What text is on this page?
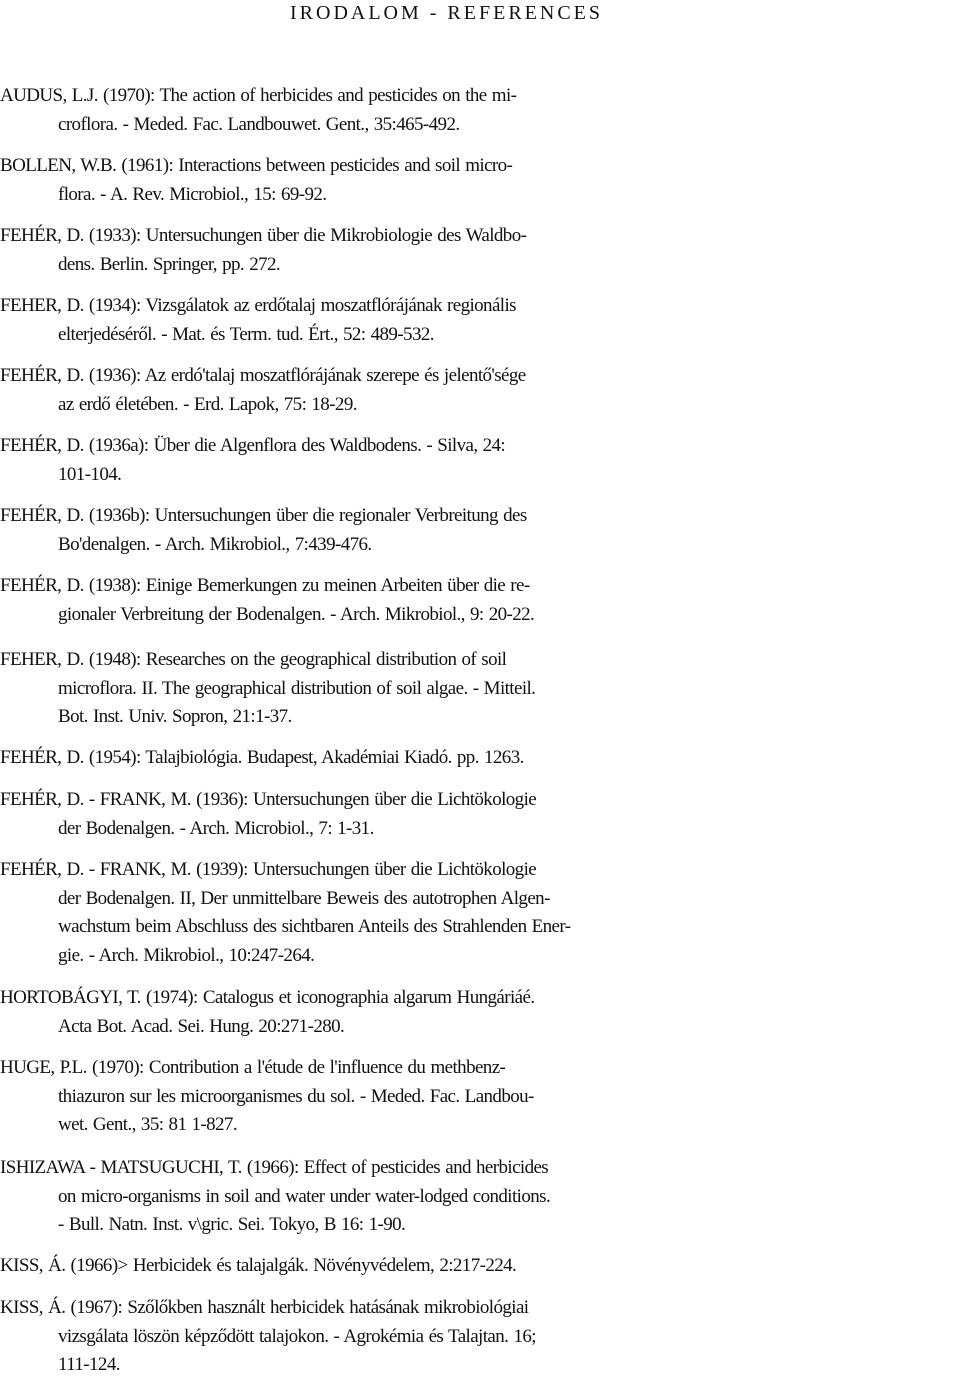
IRODALOM - REFERENCES
AUDUS, L.J. (1970): The action of herbicides and pesticides on the mi-
croflora. - Meded. Fac. Landbouwet. Gent., 35:465-492.
BOLLEN, W.B. (1961): Interactions between pesticides and soil micro-
flora. - A. Rev. Microbiol., 15: 69-92.
FEHÉR, D. (1933): Untersuchungen über die Mikrobiologie des Waldbo-
dens. Berlin. Springer, pp. 272.
FEHER, D. (1934): Vizsgálatok az erdőtalaj moszatflórájának regionális
elterjedéséről. - Mat. és Term. tud. Ért., 52: 489-532.
FEHÉR, D. (1936): Az erdó'talaj moszatflórájának szerepe és jelentő'sége
az erdő életében. - Erd. Lapok, 75: 18-29.
FEHÉR, D. (1936a): Über die Algenflora des Waldbodens. - Silva, 24:
101-104.
FEHÉR, D. (1936b): Untersuchungen über die regionaler Verbreitung des
Bo'denalgen. - Arch. Mikrobiol., 7:439-476.
FEHÉR, D. (1938): Einige Bemerkungen zu meinen Arbeiten über die re-
gionaler Verbreitung der Bodenalgen. - Arch. Mikrobiol., 9: 20-22.
FEHER, D. (1948): Researches on the geographical distribution of soil
microflora. II. The geographical distribution of soil algae. - Mitteil.
Bot. Inst. Univ. Sopron, 21:1-37.
FEHÉR, D. (1954): Talajbiológia. Budapest, Akadémiai Kiadó. pp. 1263.
FEHÉR, D. - FRANK, M. (1936): Untersuchungen über die Lichtökologie
der Bodenalgen. - Arch. Microbiol., 7: 1-31.
FEHÉR, D. - FRANK, M. (1939): Untersuchungen über die Lichtökologie
der Bodenalgen. II, Der unmittelbare Beweis des autotrophen Algen-
wachstum beim Abschluss des sichtbaren Anteils des Strahlenden Ener-
gie. - Arch. Mikrobiol., 10:247-264.
HORTOBÁGYI, T. (1974): Catalogus et iconographia algarum Hungáriáé.
Acta Bot. Acad. Sei. Hung. 20:271-280.
HUGE, P.L. (1970): Contribution a l'étude de l'influence du methbenz-
thiazuron sur les microorganismes du sol. - Meded. Fac. Landbou-
wet. Gent., 35: 81 1-827.
ISHIZAWA - MATSUGUCHI, T. (1966): Effect of pesticides and herbicides
on micro-organisms in soil and water under water-lodged conditions.
- Bull. Natn. Inst. v\gric. Sei. Tokyo, B 16: 1-90.
KISS, Á. (1966)> Herbicidek és talajalgák. Növényvédelem, 2:217-224.
KISS, Á. (1967): Szőlőkben használt herbicidek hatásának mikrobiológiai
vizsgálata löszön képződött talajokon. - Agrokémia és Talajtan. 16;
111-124.
